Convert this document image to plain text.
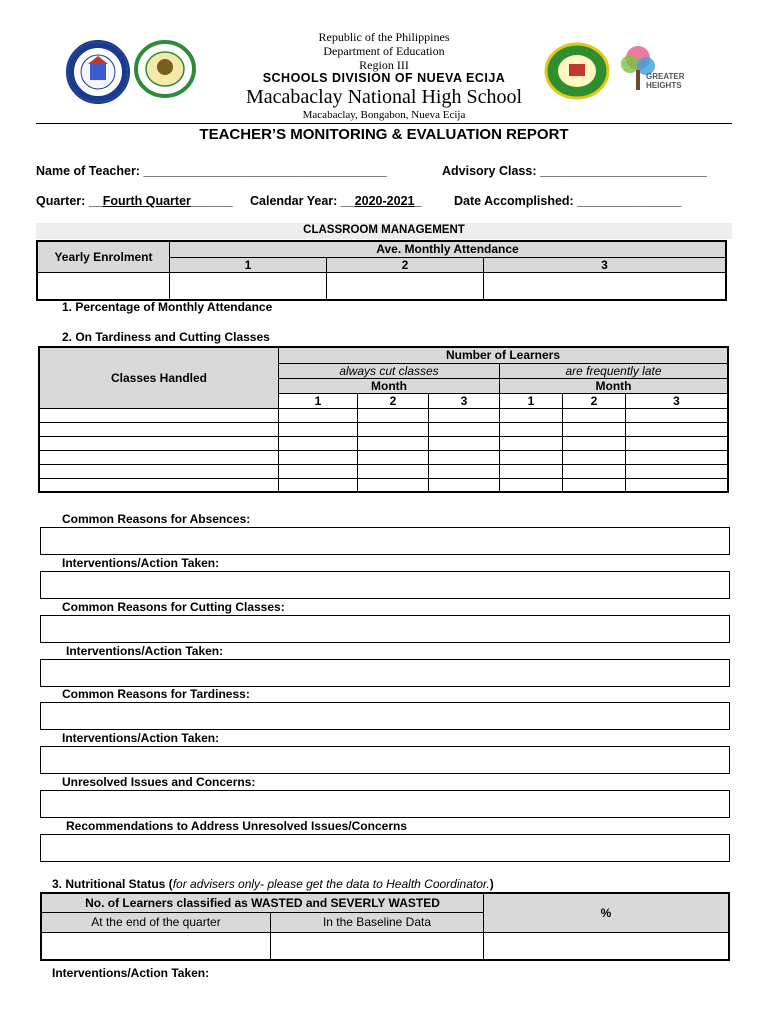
GREATER HEIGHTS
Republic of the Philippines
Department of Education
Region III
SCHOOLS DIVISION OF NUEVA ECIJA
Macabaclay National High School
Macabaclay, Bongabon, Nueva Ecija
TEACHER’S MONITORING & EVALUATION REPORT
Name of Teacher: ___________________________________	Advisory Class: ________________________
Quarter: __Fourth Quarter______ Calendar Year: __2020-2021_	Date Accomplished: _______________
CLASSROOM MANAGEMENT
Yearly Enrolment	Ave. Monthly Attendance		
	1	2	3

1. Percentage of Monthly Attendance
2. On Tardiness and Cutting Classes
Classes Handled	Number of Learners					
	always cut classes			are frequently late		
	Month			Month		
	1	2	3	1	2	3

Common Reasons for Absences:
Interventions/Action Taken:
Common Reasons for Cutting Classes:
Interventions/Action Taken:
Common Reasons for Tardiness:
Interventions/Action Taken:
Unresolved Issues and Concerns:
Recommendations to Address Unresolved Issues/Concerns
3. Nutritional Status (for advisers only- please get the data to Health Coordinator.)
No. of Learners classified as WASTED and SEVERLY WASTED		%
At the end of the quarter	In the Baseline Data	

Interventions/Action Taken:
